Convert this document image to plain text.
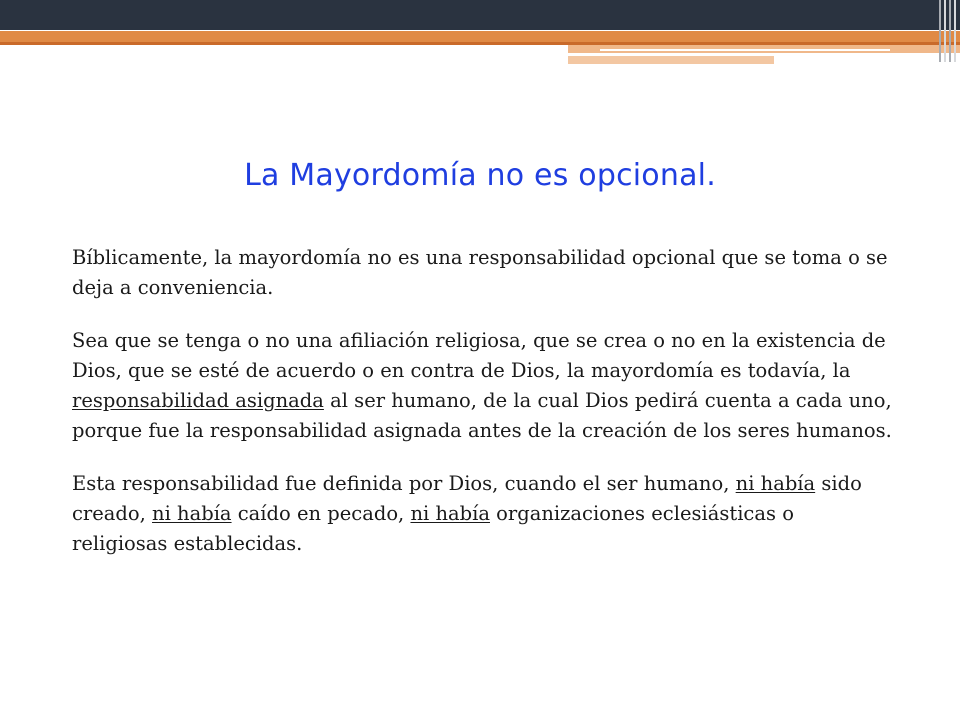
La Mayordomía no es opcional.

Bíblicamente, la mayordomía no es una responsabilidad opcional que se toma o se deja a conveniencia.

Sea que se tenga o no una afiliación religiosa, que se crea o no en la existencia de Dios, que se esté de acuerdo o en contra de Dios, la mayordomía es todavía, la responsabilidad asignada al ser humano, de la cual Dios pedirá cuenta a cada uno, porque fue la responsabilidad asignada antes de la creación de los seres humanos.

Esta responsabilidad fue definida por Dios, cuando el ser humano, ni había sido creado, ni había caído en pecado, ni había organizaciones eclesiásticas o religiosas establecidas.
